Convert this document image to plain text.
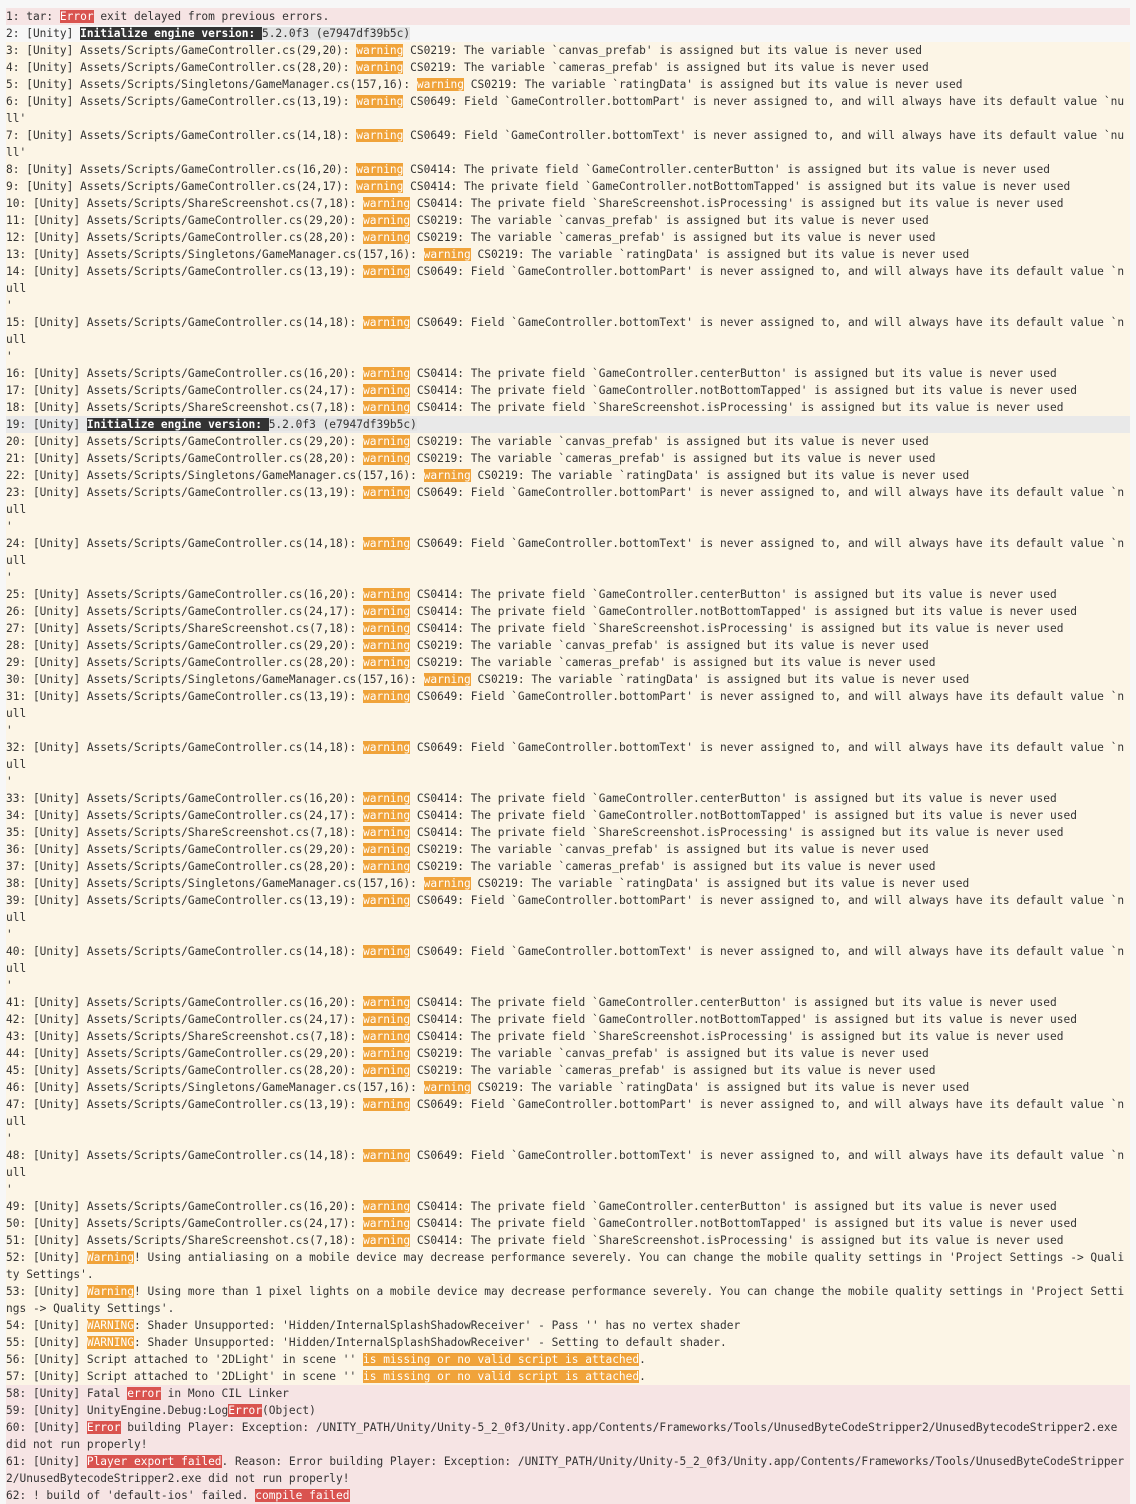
1: tar: Error exit delayed from previous errors.
2: [Unity] Initialize engine version: 5.2.0f3 (e7947df39b5c)
3: [Unity] Assets/Scripts/GameController.cs(29,20): warning CS0219: The variable `canvas_prefab' is assigned but its value is never used
4: [Unity] Assets/Scripts/GameController.cs(28,20): warning CS0219: The variable `cameras_prefab' is assigned but its value is never used
5: [Unity] Assets/Scripts/Singletons/GameManager.cs(157,16): warning CS0219: The variable `ratingData' is assigned but its value is never used
6: [Unity] Assets/Scripts/GameController.cs(13,19): warning CS0649: Field `GameController.bottomPart' is never assigned to, and will always have its default value `null'
7: [Unity] Assets/Scripts/GameController.cs(14,18): warning CS0649: Field `GameController.bottomText' is never assigned to, and will always have its default value `null'
8: [Unity] Assets/Scripts/GameController.cs(16,20): warning CS0414: The private field `GameController.centerButton' is assigned but its value is never used
9: [Unity] Assets/Scripts/GameController.cs(24,17): warning CS0414: The private field `GameController.notBottomTapped' is assigned but its value is never used
10: [Unity] Assets/Scripts/ShareScreenshot.cs(7,18): warning CS0414: The private field `ShareScreenshot.isProcessing' is assigned but its value is never used
11: [Unity] Assets/Scripts/GameController.cs(29,20): warning CS0219: The variable `canvas_prefab' is assigned but its value is never used
12: [Unity] Assets/Scripts/GameController.cs(28,20): warning CS0219: The variable `cameras_prefab' is assigned but its value is never used
13: [Unity] Assets/Scripts/Singletons/GameManager.cs(157,16): warning CS0219: The variable `ratingData' is assigned but its value is never used
14: [Unity] Assets/Scripts/GameController.cs(13,19): warning CS0649: Field `GameController.bottomPart' is never assigned to, and will always have its default value `null
'
15: [Unity] Assets/Scripts/GameController.cs(14,18): warning CS0649: Field `GameController.bottomText' is never assigned to, and will always have its default value `null
'
16: [Unity] Assets/Scripts/GameController.cs(16,20): warning CS0414: The private field `GameController.centerButton' is assigned but its value is never used
17: [Unity] Assets/Scripts/GameController.cs(24,17): warning CS0414: The private field `GameController.notBottomTapped' is assigned but its value is never used
18: [Unity] Assets/Scripts/ShareScreenshot.cs(7,18): warning CS0414: The private field `ShareScreenshot.isProcessing' is assigned but its value is never used
19: [Unity] Initialize engine version: 5.2.0f3 (e7947df39b5c)
20: [Unity] Assets/Scripts/GameController.cs(29,20): warning CS0219: The variable `canvas_prefab' is assigned but its value is never used
21: [Unity] Assets/Scripts/GameController.cs(28,20): warning CS0219: The variable `cameras_prefab' is assigned but its value is never used
22: [Unity] Assets/Scripts/Singletons/GameManager.cs(157,16): warning CS0219: The variable `ratingData' is assigned but its value is never used
23: [Unity] Assets/Scripts/GameController.cs(13,19): warning CS0649: Field `GameController.bottomPart' is never assigned to, and will always have its default value `null
'
24: [Unity] Assets/Scripts/GameController.cs(14,18): warning CS0649: Field `GameController.bottomText' is never assigned to, and will always have its default value `null
'
25: [Unity] Assets/Scripts/GameController.cs(16,20): warning CS0414: The private field `GameController.centerButton' is assigned but its value is never used
26: [Unity] Assets/Scripts/GameController.cs(24,17): warning CS0414: The private field `GameController.notBottomTapped' is assigned but its value is never used
27: [Unity] Assets/Scripts/ShareScreenshot.cs(7,18): warning CS0414: The private field `ShareScreenshot.isProcessing' is assigned but its value is never used
28: [Unity] Assets/Scripts/GameController.cs(29,20): warning CS0219: The variable `canvas_prefab' is assigned but its value is never used
29: [Unity] Assets/Scripts/GameController.cs(28,20): warning CS0219: The variable `cameras_prefab' is assigned but its value is never used
30: [Unity] Assets/Scripts/Singletons/GameManager.cs(157,16): warning CS0219: The variable `ratingData' is assigned but its value is never used
31: [Unity] Assets/Scripts/GameController.cs(13,19): warning CS0649: Field `GameController.bottomPart' is never assigned to, and will always have its default value `null
'
32: [Unity] Assets/Scripts/GameController.cs(14,18): warning CS0649: Field `GameController.bottomText' is never assigned to, and will always have its default value `null
'
33: [Unity] Assets/Scripts/GameController.cs(16,20): warning CS0414: The private field `GameController.centerButton' is assigned but its value is never used
34: [Unity] Assets/Scripts/GameController.cs(24,17): warning CS0414: The private field `GameController.notBottomTapped' is assigned but its value is never used
35: [Unity] Assets/Scripts/ShareScreenshot.cs(7,18): warning CS0414: The private field `ShareScreenshot.isProcessing' is assigned but its value is never used
36: [Unity] Assets/Scripts/GameController.cs(29,20): warning CS0219: The variable `canvas_prefab' is assigned but its value is never used
37: [Unity] Assets/Scripts/GameController.cs(28,20): warning CS0219: The variable `cameras_prefab' is assigned but its value is never used
38: [Unity] Assets/Scripts/Singletons/GameManager.cs(157,16): warning CS0219: The variable `ratingData' is assigned but its value is never used
39: [Unity] Assets/Scripts/GameController.cs(13,19): warning CS0649: Field `GameController.bottomPart' is never assigned to, and will always have its default value `null
'
40: [Unity] Assets/Scripts/GameController.cs(14,18): warning CS0649: Field `GameController.bottomText' is never assigned to, and will always have its default value `null
'
41: [Unity] Assets/Scripts/GameController.cs(16,20): warning CS0414: The private field `GameController.centerButton' is assigned but its value is never used
42: [Unity] Assets/Scripts/GameController.cs(24,17): warning CS0414: The private field `GameController.notBottomTapped' is assigned but its value is never used
43: [Unity] Assets/Scripts/ShareScreenshot.cs(7,18): warning CS0414: The private field `ShareScreenshot.isProcessing' is assigned but its value is never used
44: [Unity] Assets/Scripts/GameController.cs(29,20): warning CS0219: The variable `canvas_prefab' is assigned but its value is never used
45: [Unity] Assets/Scripts/GameController.cs(28,20): warning CS0219: The variable `cameras_prefab' is assigned but its value is never used
46: [Unity] Assets/Scripts/Singletons/GameManager.cs(157,16): warning CS0219: The variable `ratingData' is assigned but its value is never used
47: [Unity] Assets/Scripts/GameController.cs(13,19): warning CS0649: Field `GameController.bottomPart' is never assigned to, and will always have its default value `null
'
48: [Unity] Assets/Scripts/GameController.cs(14,18): warning CS0649: Field `GameController.bottomText' is never assigned to, and will always have its default value `null
'
49: [Unity] Assets/Scripts/GameController.cs(16,20): warning CS0414: The private field `GameController.centerButton' is assigned but its value is never used
50: [Unity] Assets/Scripts/GameController.cs(24,17): warning CS0414: The private field `GameController.notBottomTapped' is assigned but its value is never used
51: [Unity] Assets/Scripts/ShareScreenshot.cs(7,18): warning CS0414: The private field `ShareScreenshot.isProcessing' is assigned but its value is never used
52: [Unity] Warning! Using antialiasing on a mobile device may decrease performance severely. You can change the mobile quality settings in 'Project Settings -> Quality Settings'.
53: [Unity] Warning! Using more than 1 pixel lights on a mobile device may decrease performance severely. You can change the mobile quality settings in 'Project Settings -> Quality Settings'.
54: [Unity] WARNING: Shader Unsupported: 'Hidden/InternalSplashShadowReceiver' - Pass '' has no vertex shader
55: [Unity] WARNING: Shader Unsupported: 'Hidden/InternalSplashShadowReceiver' - Setting to default shader.
56: [Unity] Script attached to '2DLight' in scene '' is missing or no valid script is attached.
57: [Unity] Script attached to '2DLight' in scene '' is missing or no valid script is attached.
58: [Unity] Fatal error in Mono CIL Linker
59: [Unity] UnityEngine.Debug:LogError(Object)
60: [Unity] Error building Player: Exception: /UNITY_PATH/Unity/Unity-5_2_0f3/Unity.app/Contents/Frameworks/Tools/UnusedByteCodeStripper2/UnusedBytecodeStripper2.exe did not run properly!
61: [Unity] Player export failed. Reason: Error building Player: Exception: /UNITY_PATH/Unity/Unity-5_2_0f3/Unity.app/Contents/Frameworks/Tools/UnusedByteCodeStripper2/UnusedBytecodeStripper2.exe did not run properly!
62: ! build of 'default-ios' failed. compile failed
